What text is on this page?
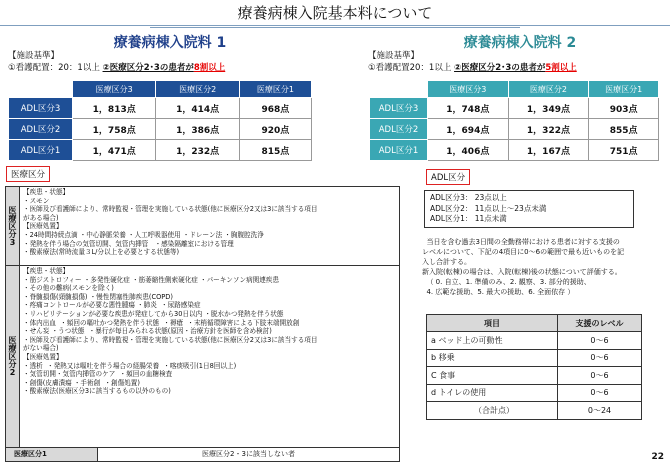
療養病棟入院基本料について
療養病棟入院料 1	療養病棟入院料 2
【施設基準】
①看護配置：20：1以上 ②医療区分2･3の患者が8割以上
【施設基準】
①看護配置20：1以上 ②医療区分2･3の患者が5割以上
	医療区分3	医療区分2	医療区分1
ADL区分3	1，813点	1，414点	968点
ADL区分2	1，758点	1，386点	920点
ADL区分1	1，471点	1，232点	815点
	医療区分3	医療区分2	医療区分1
ADL区分3	1，748点	1，349点	903点
ADL区分2	1，694点	1，322点	855点
ADL区分1	1，406点	1，167点	751点
医療区分
医療区分3
【疾患・状態】
・スモン
・医師及び看護師により、常時監視・管理を実施している状態(他に医療区分2又は3に該当する項目
がある場合)
【医療処置】
・24時間持続点滴 ・中心静脈栄養 ・人工呼吸器使用 ・ドレーン法 ・胸腹腔洗浄
・発熱を伴う場合の気管切開、気管内挿管   ・感染隔離室における管理
・酸素療法(常時流量３L/分以上を必要とする状態等)
医療区分2
【疾患・状態】
・筋ジストロフィー ・多発性硬化症 ・筋萎縮性側索硬化症 ・パーキンソン病関連疾患
・その他の難病(スモンを除く)
・脊髄損傷(頸髄損傷) ・慢性閉塞性肺疾患(COPD)
・疼痛コントロールが必要な悪性腫瘍 ・肺炎  ・尿路感染症
・リハビリテーションが必要な疾患が発症してから30日以内 ・脱水かつ発熱を伴う状態
・体内出血  ・頻回の嘔吐かつ発熱を伴う状態  ・褥瘡  ・末梢循環障害による下肢末端開放創
・せん妄 ・うつ状態  ・暴行が毎日みられる状態(原因・治療方針を医師を含め検討)
・医師及び看護師により、常時監視・管理を実施している状態(他に医療区分2又は3に該当する項目
がない場合)
【医療処置】
・透析  ・発熱又は嘔吐を伴う場合の経腸栄養  ・喀痰吸引(1日8回以上)
・気管切開・気管内挿管のケア  ・頻回の血糖検査
・創傷(皮膚潰瘍 ・手術創  ・創傷処置)
・酸素療法(医療区分3に該当するもの以外のもの)
医療区分1	医療区分2・3に該当しない者
ADL区分
ADL区分3： 23点以上
ADL区分2： 11点以上～23点未満
ADL区分1： 11点未満
当日を含む過去3日間の全勤務帯における患者に対する支援の
レベルについて、下記の4項目に0～6の範囲で最も近いものを記
入し合計する。
新入院(転棟)の場合は、入院(転棟)後の状態について評価する。
（ 0. 自立、1. 準備のみ、2. 観察、3. 部分的援助、
4. 広範な援助、5. 最大の援助、6. 全面依存 ）
項目	支援のレベル
a ベッド上の可動性	0～6
b 移乗	0～6
C 食事	0～6
d トイレの使用	0～6
（合計点）	0～24
22
